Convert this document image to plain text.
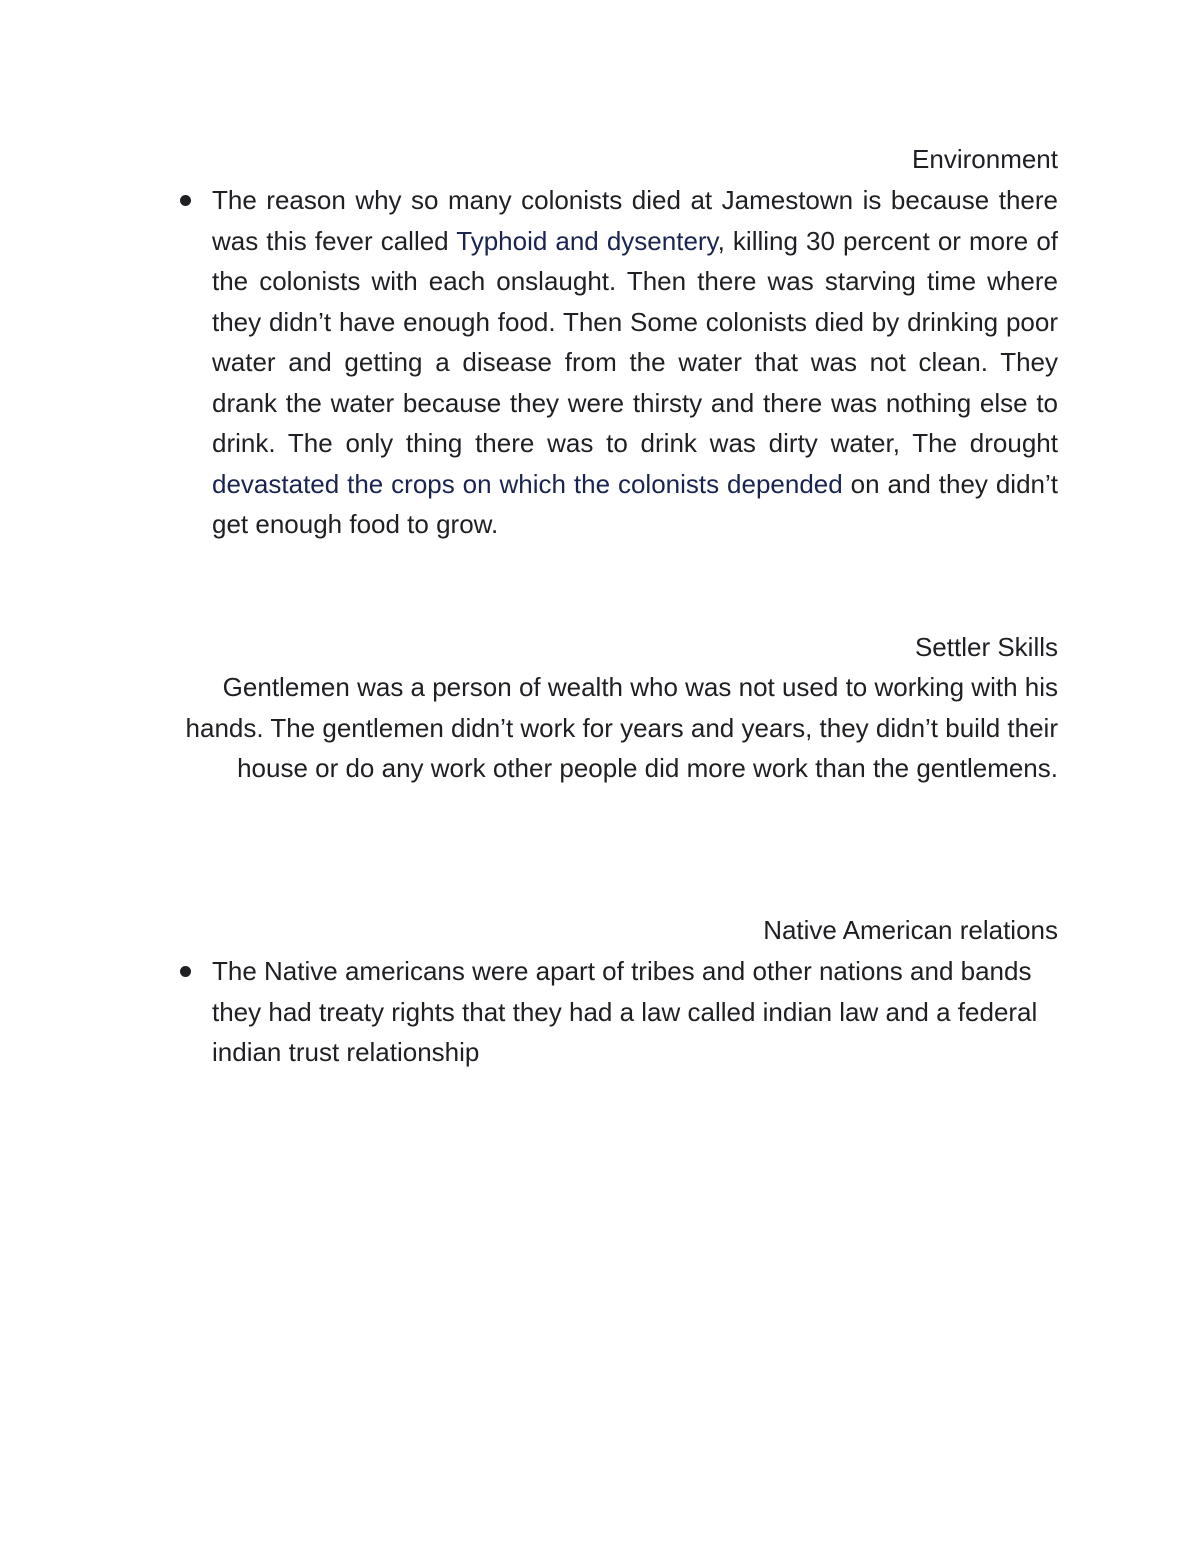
Environment
The reason why so many colonists died at Jamestown is because there was this fever called Typhoid and dysentery, killing 30 percent or more of the colonists with each onslaught. Then there was starving time where they didn’t have enough food. Then Some colonists died by drinking poor water and getting a disease from the water that was not clean. They drank the water because they were thirsty and there was nothing else to drink. The only thing there was to drink was dirty water, The drought devastated the crops on which the colonists depended on and they didn’t get enough food to grow.
Settler Skills
Gentlemen was a person of wealth who was not used to working with his hands. The gentlemen didn’t work for years and years, they didn’t build their house or do any work other people did more work than the gentlemens.
Native American relations
The Native americans were apart of tribes and other nations and bands they had treaty rights that they had a law called indian law and a federal indian trust relationship
